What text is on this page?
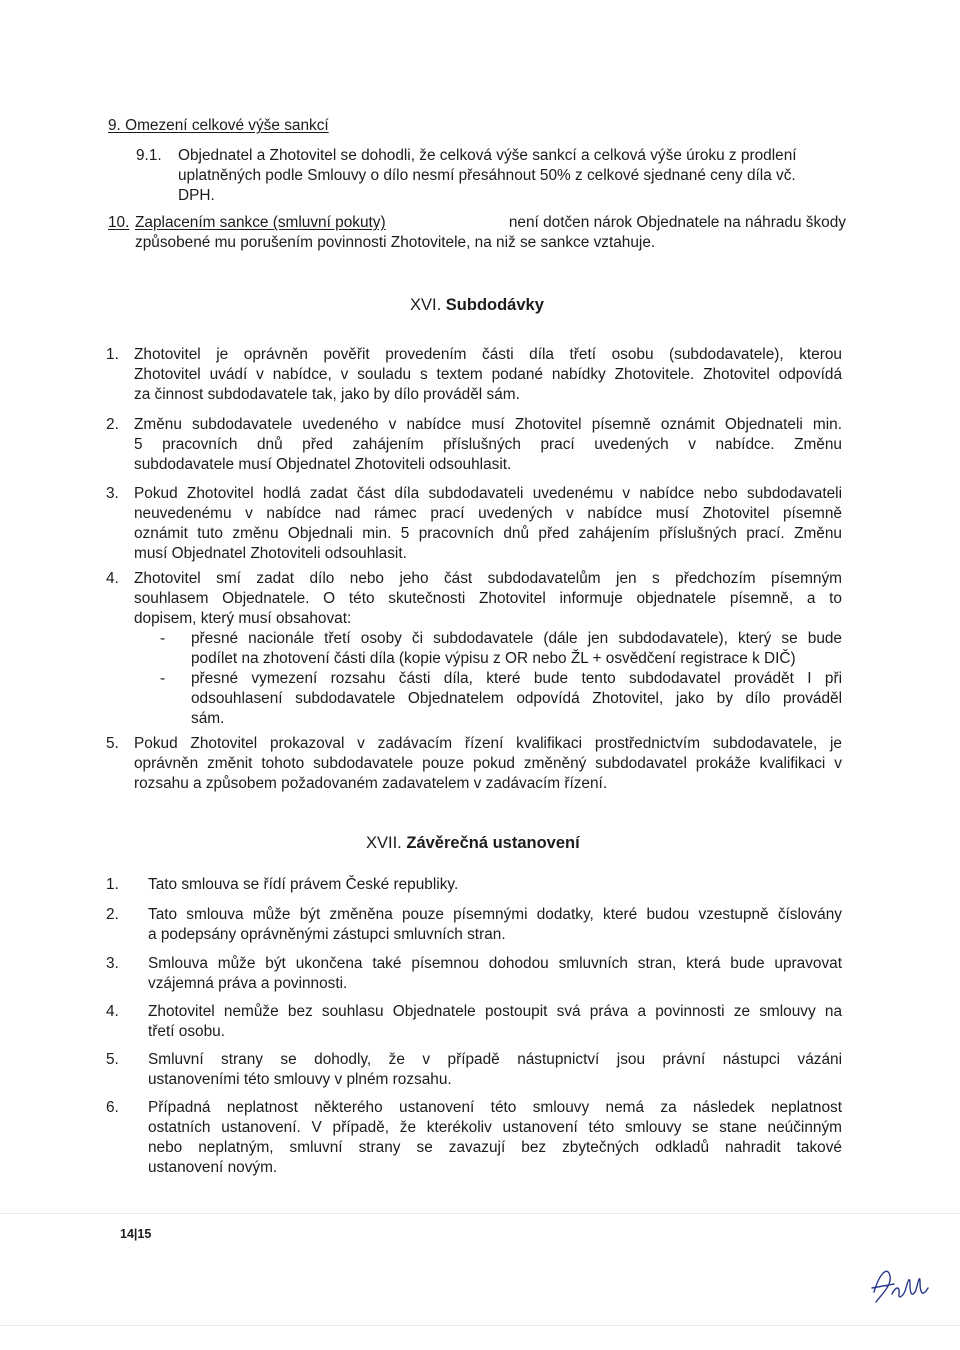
9. Omezení celkové výše sankcí
9.1. Objednatel a Zhotovitel se dohodli, že celková výše sankcí a celková výše úroku z prodlení
uplatněných podle Smlouvy o dílo nesmí přesáhnout 50% z celkové sjednané ceny díla vč.
DPH.
10. Zaplacením sankce (smluvní pokuty)	není dotčen nárok Objednatele na náhradu škody
způsobené mu porušením povinnosti Zhotovitele, na niž se sankce vztahuje.
XVI. Subdodávky
1. Zhotovitel je oprávněn pověřit provedením části díla třetí osobu (subdodavatele), kterou
Zhotovitel uvádí v nabídce, v souladu s textem podané nabídky Zhotovitele. Zhotovitel odpovídá
za činnost subdodavatele tak, jako by dílo prováděl sám.
2. Změnu subdodavatele uvedeného v nabídce musí Zhotovitel písemně oznámit Objednateli min.
5 pracovních dnů před zahájením příslušných prací uvedených v nabídce. Změnu
subdodavatele musí Objednatel Zhotoviteli odsouhlasit.
3. Pokud Zhotovitel hodlá zadat část díla subdodavateli uvedenému v nabídce nebo subdodavateli
neuvedenému v nabídce nad rámec prací uvedených v nabídce musí Zhotovitel písemně
oznámit tuto změnu Objednali min. 5 pracovních dnů před zahájením příslušných prací. Změnu
musí Objednatel Zhotoviteli odsouhlasit.
4. Zhotovitel smí zadat dílo nebo jeho část subdodavatelům jen s předchozím písemným
souhlasem Objednatele. O této skutečnosti Zhotovitel informuje objednatele písemně, a to
dopisem, který musí obsahovat:
- přesné nacionále třetí osoby či subdodavatele (dále jen subdodavatele), který se bude
podílet na zhotovení části díla (kopie výpisu z OR nebo ŽL + osvědčení registrace k DIČ)
- přesné vymezení rozsahu části díla, které bude tento subdodavatel provádět I při
odsouhlasení subdodavatele Objednatelem odpovídá Zhotovitel, jako by dílo prováděl
sám.
5. Pokud Zhotovitel prokazoval v zadávacím řízení kvalifikaci prostřednictvím subdodavatele, je
oprávněn změnit tohoto subdodavatele pouze pokud změněný subdodavatel prokáže kvalifikaci v
rozsahu a způsobem požadovaném zadavatelem v zadávacím řízení.
XVII. Závěrečná ustanovení
1. Tato smlouva se řídí právem České republiky.
2. Tato smlouva může být změněna pouze písemnými dodatky, které budou vzestupně číslovány
a podepsány oprávněnými zástupci smluvních stran.
3. Smlouva může být ukončena také písemnou dohodou smluvních stran, která bude upravovat
vzájemná práva a povinnosti.
4. Zhotovitel nemůže bez souhlasu Objednatele postoupit svá práva a povinnosti ze smlouvy na
třetí osobu.
5. Smluvní strany se dohodly, že v případě nástupnictví jsou právní nástupci vázáni
ustanoveními této smlouvy v plném rozsahu.
6. Případná neplatnost některého ustanovení této smlouvy nemá za následek neplatnost
ostatních ustanovení. V případě, že kterékoliv ustanovení této smlouvy se stane neúčinným
nebo neplatným, smluvní strany se zavazují bez zbytečných odkladů nahradit takové
ustanovení novým.
14|15
